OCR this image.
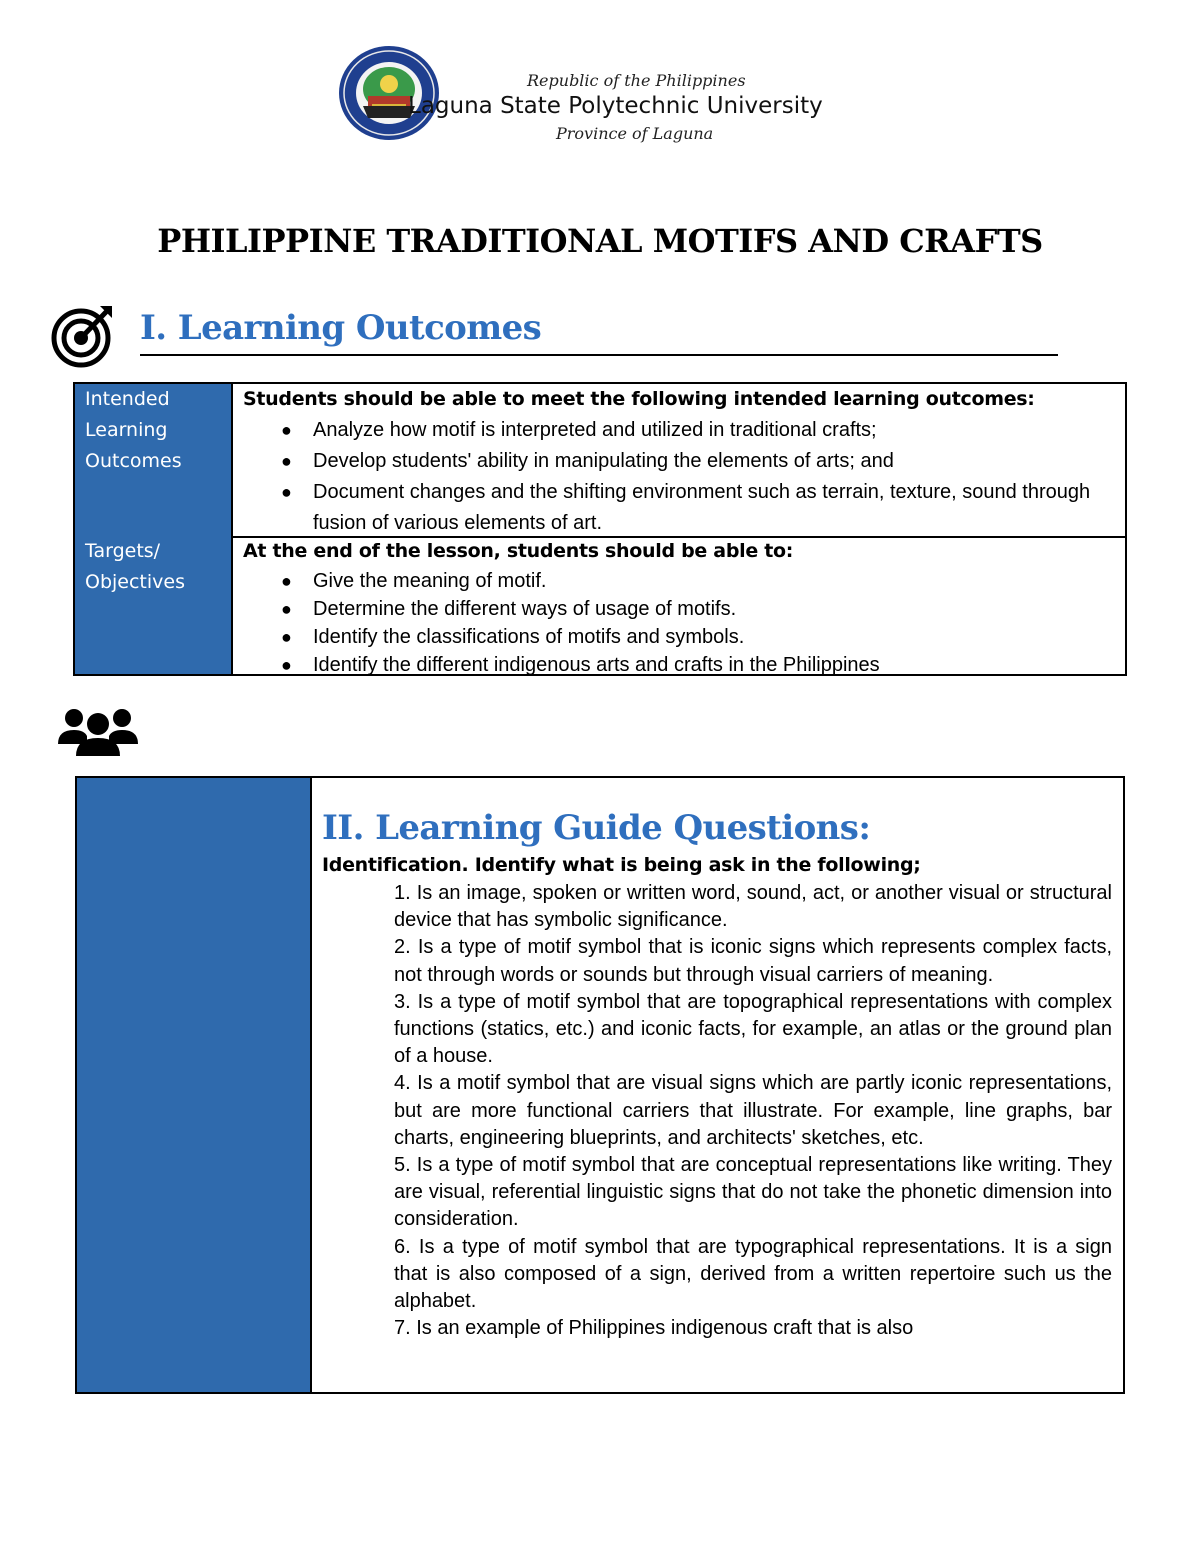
Republic of the Philippines
Laguna State Polytechnic University
Province of Laguna
PHILIPPINE TRADITIONAL MOTIFS AND CRAFTS
I. Learning Outcomes
Intended
Learning
Outcomes
Students should be able to meet the following intended learning outcomes:
● Analyze how motif is interpreted and utilized in traditional crafts;
● Develop students' ability in manipulating the elements of arts; and
● Document changes and the shifting environment such as terrain, texture, sound through fusion of various elements of art.
Targets/
Objectives
At the end of the lesson, students should be able to:
● Give the meaning of motif.
● Determine the different ways of usage of motifs.
● Identify the classifications of motifs and symbols.
● Identify the different indigenous arts and crafts in the Philippines
II. Learning Guide Questions:
Identification. Identify what is being ask in the following;

1. Is an image, spoken or written word, sound, act, or another visual or structural device that has symbolic significance.

2. Is a type of motif symbol that is iconic signs which represents complex facts, not through words or sounds but through visual carriers of meaning.

3. Is a type of motif symbol that are topographical representations with complex functions (statics, etc.) and iconic facts, for example, an atlas or the ground plan of a house.

4. Is a motif symbol that are visual signs which are partly iconic representations, but are more functional carriers that illustrate. For example, line graphs, bar charts, engineering blueprints, and architects' sketches, etc.

5. Is a type of motif symbol that are conceptual representations like writing. They are visual, referential linguistic signs that do not take the phonetic dimension into consideration.

6. Is a type of motif symbol that are typographical representations. It is a sign that is also composed of a sign, derived from a written repertoire such us the alphabet.

7. Is an example of Philippines indigenous craft that is also
